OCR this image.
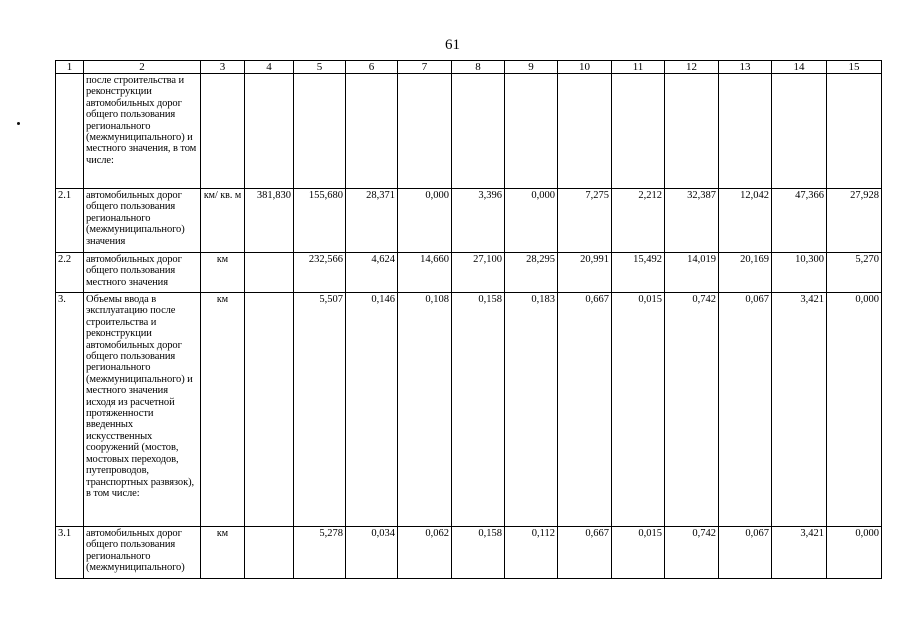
61
1	2	3	4	5	6	7	8	9	10	11	12	13	14	15
	после строительства и реконструкции автомобильных дорог общего пользования регионального (межмуниципального) и местного значения, в том числе:													
2.1	автомобильных дорог общего пользования регионального (межмуниципального) значения	км/ кв. м	381,830	155,680	28,371	0,000	3,396	0,000	7,275	2,212	32,387	12,042	47,366	27,928
2.2	автомобильных дорог общего пользования местного значения	км		232,566	4,624	14,660	27,100	28,295	20,991	15,492	14,019	20,169	10,300	5,270
3.	Объемы ввода в эксплуатацию после строительства и реконструкции автомобильных дорог общего пользования регионального (межмуниципального) и местного значения исходя из расчетной протяженности введенных искусственных сооружений (мостов, мостовых переходов, путепроводов, транспортных развязок), в том числе:	км		5,507	0,146	0,108	0,158	0,183	0,667	0,015	0,742	0,067	3,421	0,000
3.1	автомобильных дорог общего пользования регионального (межмуниципального)	км		5,278	0,034	0,062	0,158	0,112	0,667	0,015	0,742	0,067	3,421	0,000
